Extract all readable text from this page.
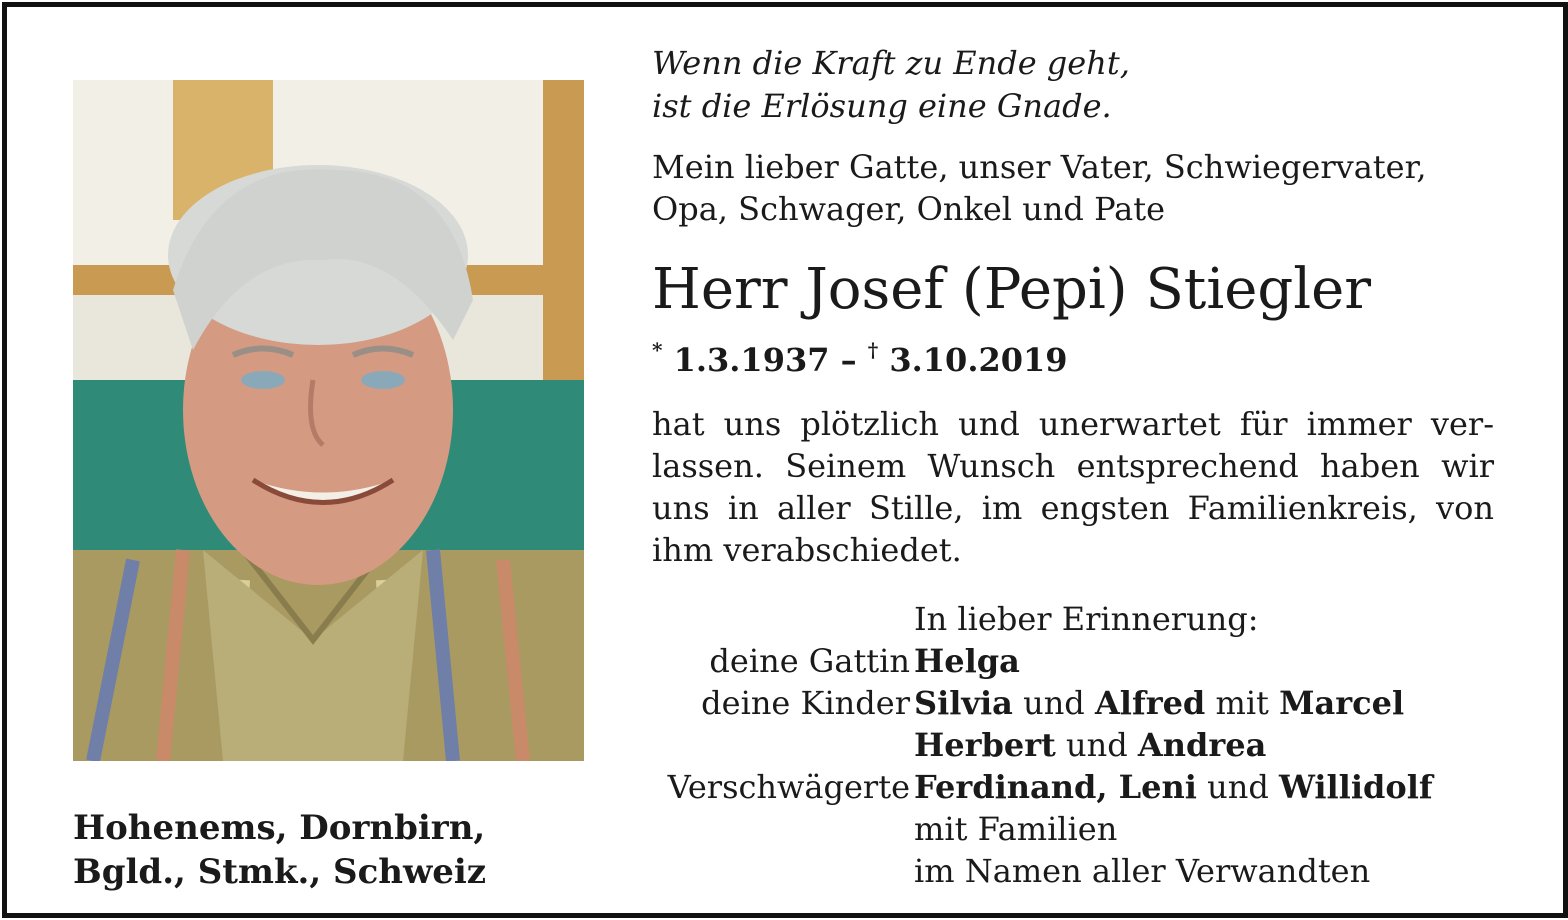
Hohenems, Dornbirn,
Bgld., Stmk., Schweiz
Wenn die Kraft zu Ende geht,
ist die Erlösung eine Gnade.
Mein lieber Gatte, unser Vater, Schwiegervater,
Opa, Schwager, Onkel und Pate
Herr Josef (Pepi) Stiegler
* 1.3.1937 – † 3.10.2019
hat uns plötzlich und unerwartet für immer ver-
lassen. Seinem Wunsch entsprechend haben wir
uns in aller Stille, im engsten Familienkreis, von
ihm verabschiedet.
In lieber Erinnerung:
deine Gattin Helga
deine Kinder Silvia und Alfred mit Marcel
Herbert und Andrea
Verschwägerte Ferdinand, Leni und Willidolf
mit Familien
im Namen aller Verwandten
